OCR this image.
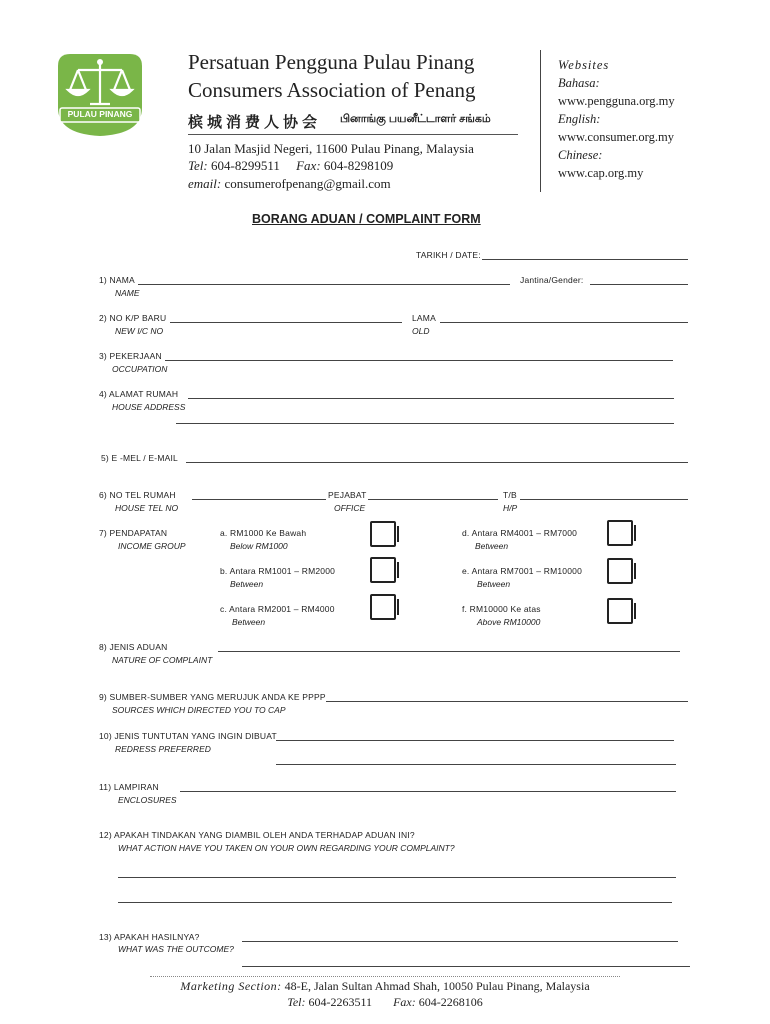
PULAU PINANG
Persatuan Pengguna Pulau Pinang
Consumers Association of Penang
槟城消费人协会 பினாங்கு பயனீட்டாளர் சங்கம்
10 Jalan Masjid Negeri, 11600 Pulau Pinang, Malaysia
Tel: 604-8299511 Fax: 604-8298109
email: consumerofpenang@gmail.com
Websites
Bahasa:
www.pengguna.org.my
English:
www.consumer.org.my
Chinese:
www.cap.org.my
BORANG ADUAN / COMPLAINT FORM
TARIKH / DATE:
1) NAMA
NAME
Jantina/Gender:
2) NO K/P BARU
NEW I/C NO
LAMA
OLD
3) PEKERJAAN
OCCUPATION
4) ALAMAT RUMAH
HOUSE ADDRESS
5) E -MEL / E-MAIL
6) NO TEL RUMAH
HOUSE TEL NO
PEJABAT
OFFICE
T/B
H/P
7) PENDAPATAN
INCOME GROUP
a. RM1000 Ke Bawah
Below RM1000
b. Antara RM1001 – RM2000
Between
c. Antara RM2001 – RM4000
Between
d. Antara RM4001 – RM7000
Between
e. Antara RM7001 – RM10000
Between
f. RM10000 Ke atas
Above RM10000
8) JENIS ADUAN
NATURE OF COMPLAINT
9) SUMBER-SUMBER YANG MERUJUK ANDA KE PPPP
SOURCES WHICH DIRECTED YOU TO CAP
10) JENIS TUNTUTAN YANG INGIN DIBUAT
REDRESS PREFERRED
11) LAMPIRAN
ENCLOSURES
12) APAKAH TINDAKAN YANG DIAMBIL OLEH ANDA TERHADAP ADUAN INI?
WHAT ACTION HAVE YOU TAKEN ON YOUR OWN REGARDING YOUR COMPLAINT?
13) APAKAH HASILNYA?
WHAT WAS THE OUTCOME?
Marketing Section: 48-E, Jalan Sultan Ahmad Shah, 10050 Pulau Pinang, Malaysia
Tel: 604-2263511 Fax: 604-2268106
